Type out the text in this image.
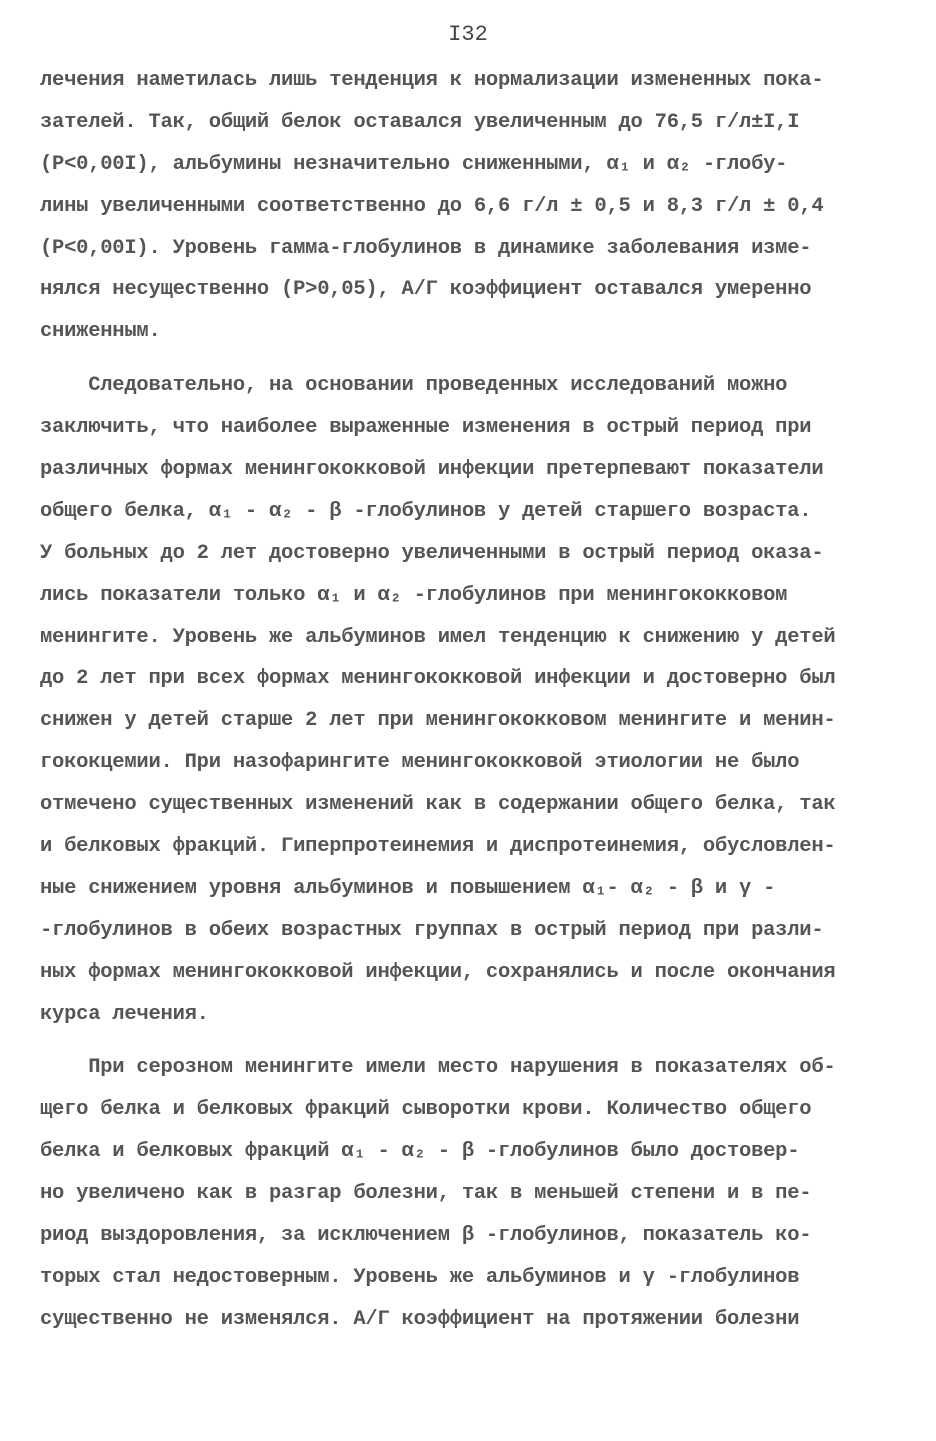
I32
лечения наметилась лишь тенденция к нормализации измененных пока-
зателей. Так, общий белок оставался увеличенным до 76,5 г/л±I,I
(P<0,00I), альбумины незначительно сниженными, α₁ и α₂ -глобу-
лины увеличенными соответственно до 6,6 г/л ± 0,5 и 8,3 г/л ± 0,4
(P<0,00I). Уровень гамма-глобулинов в динамике заболевания изме-
нялся несущественно (P>0,05), А/Г коэффициент оставался умеренно
сниженным.
Следовательно, на основании проведенных исследований можно
заключить, что наиболее выраженные изменения в острый период при
различных формах менингококковой инфекции претерпевают показатели
общего белка, α₁ - α₂ - β -глобулинов у детей старшего возраста.
У больных до 2 лет достоверно увеличенными в острый период оказа-
лись показатели только α₁ и α₂ -глобулинов при менингококковом
менингите. Уровень же альбуминов имел тенденцию к снижению у детей
до 2 лет при всех формах менингококковой инфекции и достоверно был
снижен у детей старше 2 лет при менингококковом менингите и менин-
гококцемии. При назофарингите менингококковой этиологии не было
отмечено существенных изменений как в содержании общего белка, так
и белковых фракций. Гиперпротеинемия и диспротеинемия, обусловлен-
ные снижением уровня альбуминов и повышением α₁- α₂ - β и γ -
-глобулинов в обеих возрастных группах в острый период при разли-
ных формах менингококковой инфекции, сохранялись и после окончания
курса лечения.
При серозном менингите имели место нарушения в показателях об-
щего белка и белковых фракций сыворотки крови. Количество общего
белка и белковых фракций α₁ - α₂ - β -глобулинов было достовер-
но увеличено как в разгар болезни, так в меньшей степени и в пе-
риод выздоровления, за исключением β -глобулинов, показатель ко-
торых стал недостоверным. Уровень же альбуминов и γ -глобулинов
существенно не изменялся. А/Г коэффициент на протяжении болезни
